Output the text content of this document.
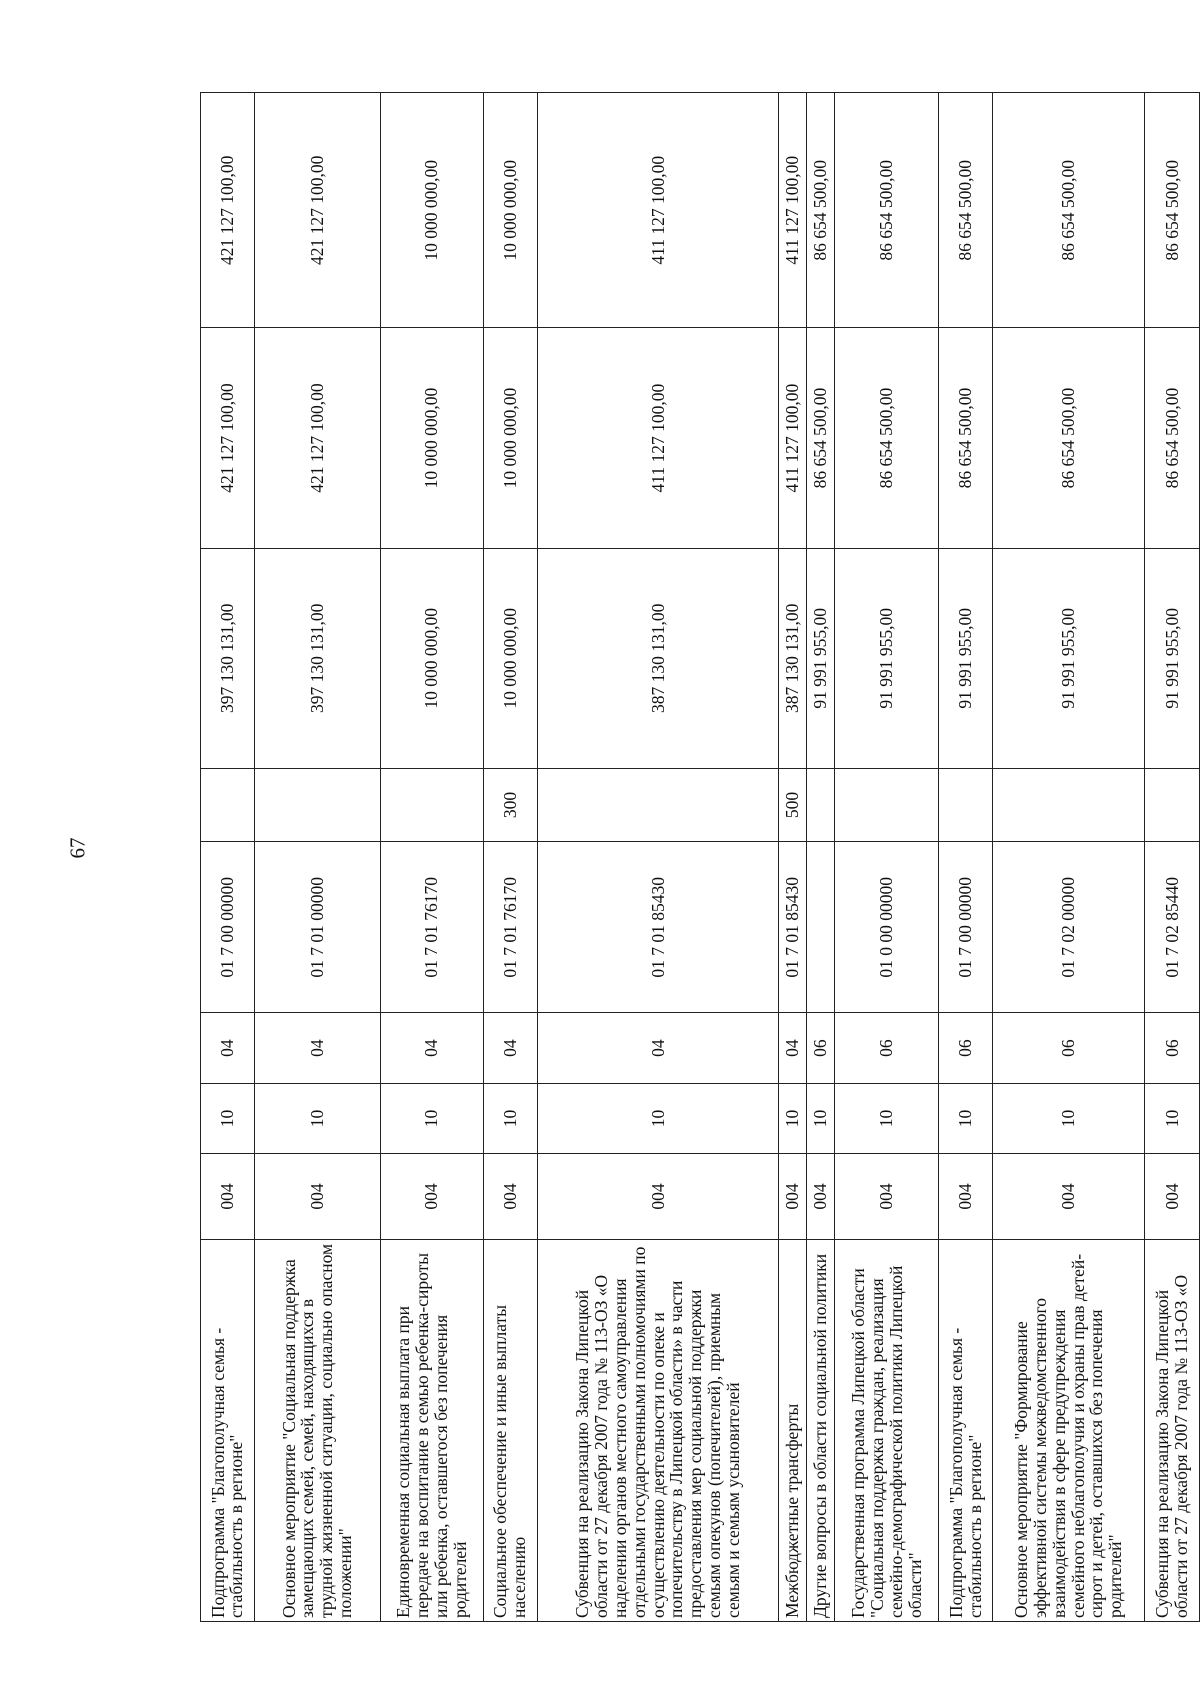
67
Подпрограмма "Благополучная семья - стабильность в регионе"	004	10	04	01 7 00 00000		397 130 131,00	421 127 100,00	421 127 100,00
Основное мероприятие "Социальная поддержка замещающих семей, семей, находящихся в трудной жизненной ситуации, социально опасном положении"	004	10	04	01 7 01 00000		397 130 131,00	421 127 100,00	421 127 100,00
Единовременная социальная выплата при передаче на воспитание в семью ребенка-сироты или ребенка, оставшегося без попечения родителей	004	10	04	01 7 01 76170		10 000 000,00	10 000 000,00	10 000 000,00
Социальное обеспечение и иные выплаты населению	004	10	04	01 7 01 76170	300	10 000 000,00	10 000 000,00	10 000 000,00
Субвенция на реализацию Закона Липецкой области от 27 декабря 2007 года № 113-ОЗ «О наделении органов местного самоуправления отдельными государственными полномочиями по осуществлению деятельности по опеке и попечительству в Липецкой области» в части предоставления мер социальной поддержки семьям опекунов (попечителей), приемным семьям и семьям усыновителей	004	10	04	01 7 01 85430		387 130 131,00	411 127 100,00	411 127 100,00
Межбюджетные трансферты	004	10	04	01 7 01 85430	500	387 130 131,00	411 127 100,00	411 127 100,00
Другие вопросы в области социальной политики	004	10	06			91 991 955,00	86 654 500,00	86 654 500,00
Государственная программа Липецкой области "Социальная поддержка граждан, реализация семейно-демографической политики Липецкой области"	004	10	06	01 0 00 00000		91 991 955,00	86 654 500,00	86 654 500,00
Подпрограмма "Благополучная семья - стабильность в регионе"	004	10	06	01 7 00 00000		91 991 955,00	86 654 500,00	86 654 500,00
Основное мероприятие "Формирование эффективной системы межведомственного взаимодействия в сфере предупреждения семейного неблагополучия и охраны прав детей-сирот и детей, оставшихся без попечения родителей"	004	10	06	01 7 02 00000		91 991 955,00	86 654 500,00	86 654 500,00
Субвенция на реализацию Закона Липецкой области от 27 декабря 2007 года № 113-ОЗ «О	004	10	06	01 7 02 85440		91 991 955,00	86 654 500,00	86 654 500,00
